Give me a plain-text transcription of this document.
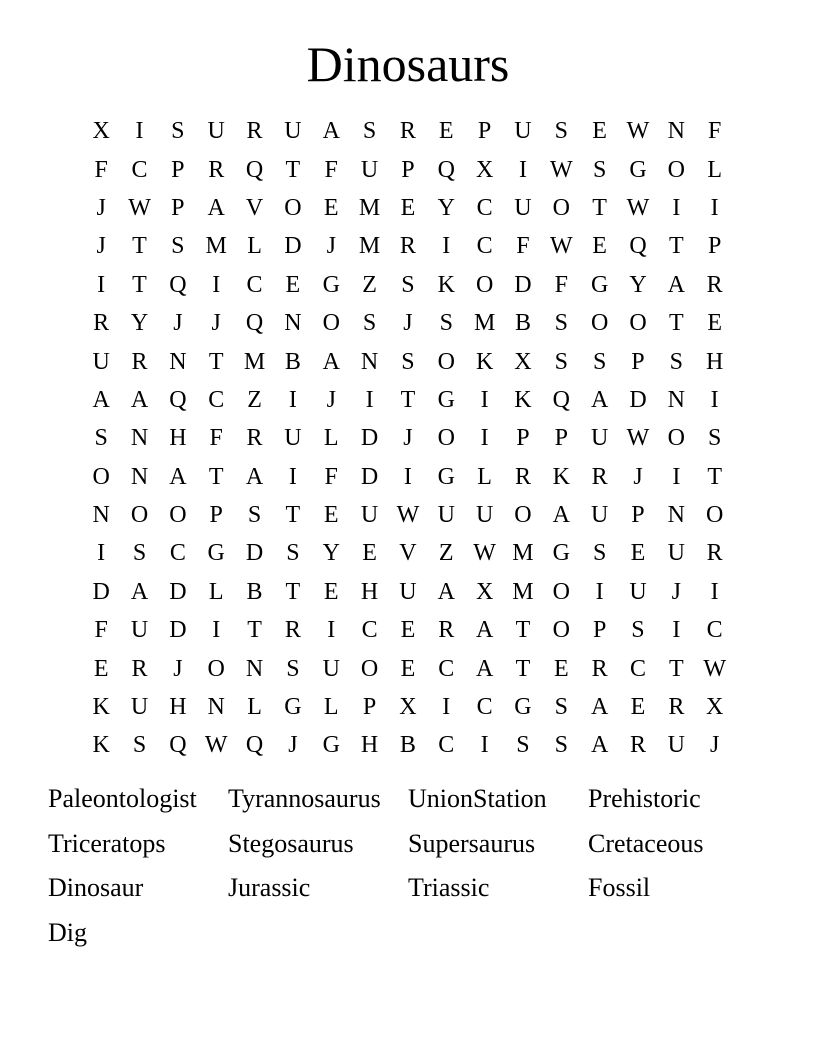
Dinosaurs
X	I	S U R U A S R E	P U S	E W N F
F C P R Q T	F U P Q X	I W S G O L
J W P A V O E M E Y C U O T W I	I
J	T	S M L D	J M R	I	C F W E Q T	P
I	T Q	I	C E G Z	S K O D F G Y A R
R Y	J	J	Q N O S	J	S M B S O O T E
U R N T M B A N S O K X S	S	P	S H
A A Q C Z	I	J	I	T G	I	K Q A D N	I
S N H F R U L D	J	O	I	P	P U W O S
O N A T A	I	F D	I	G L R K R	J	I	T
N O O P	S	T E U W U U O A U P N O
I	S C G D S Y E V Z W M G S	E U R
D A D L B T E H U A X M O	I	U	J	I
F U D	I	T R	I	C E R A T O P	S	I	C
E R	J	O N S U O E C A T E R C T W
K U H N L G L	P X	I	C G S A E R X
K S Q W Q	J	G H B C	I	S	S A R U	J
Paleontologist	Tyrannosaurus	UnionStation	Prehistoric
Triceratops	Stegosaurus	Supersaurus	Cretaceous
Dinosaur	Jurassic	Triassic	Fossil
Dig
